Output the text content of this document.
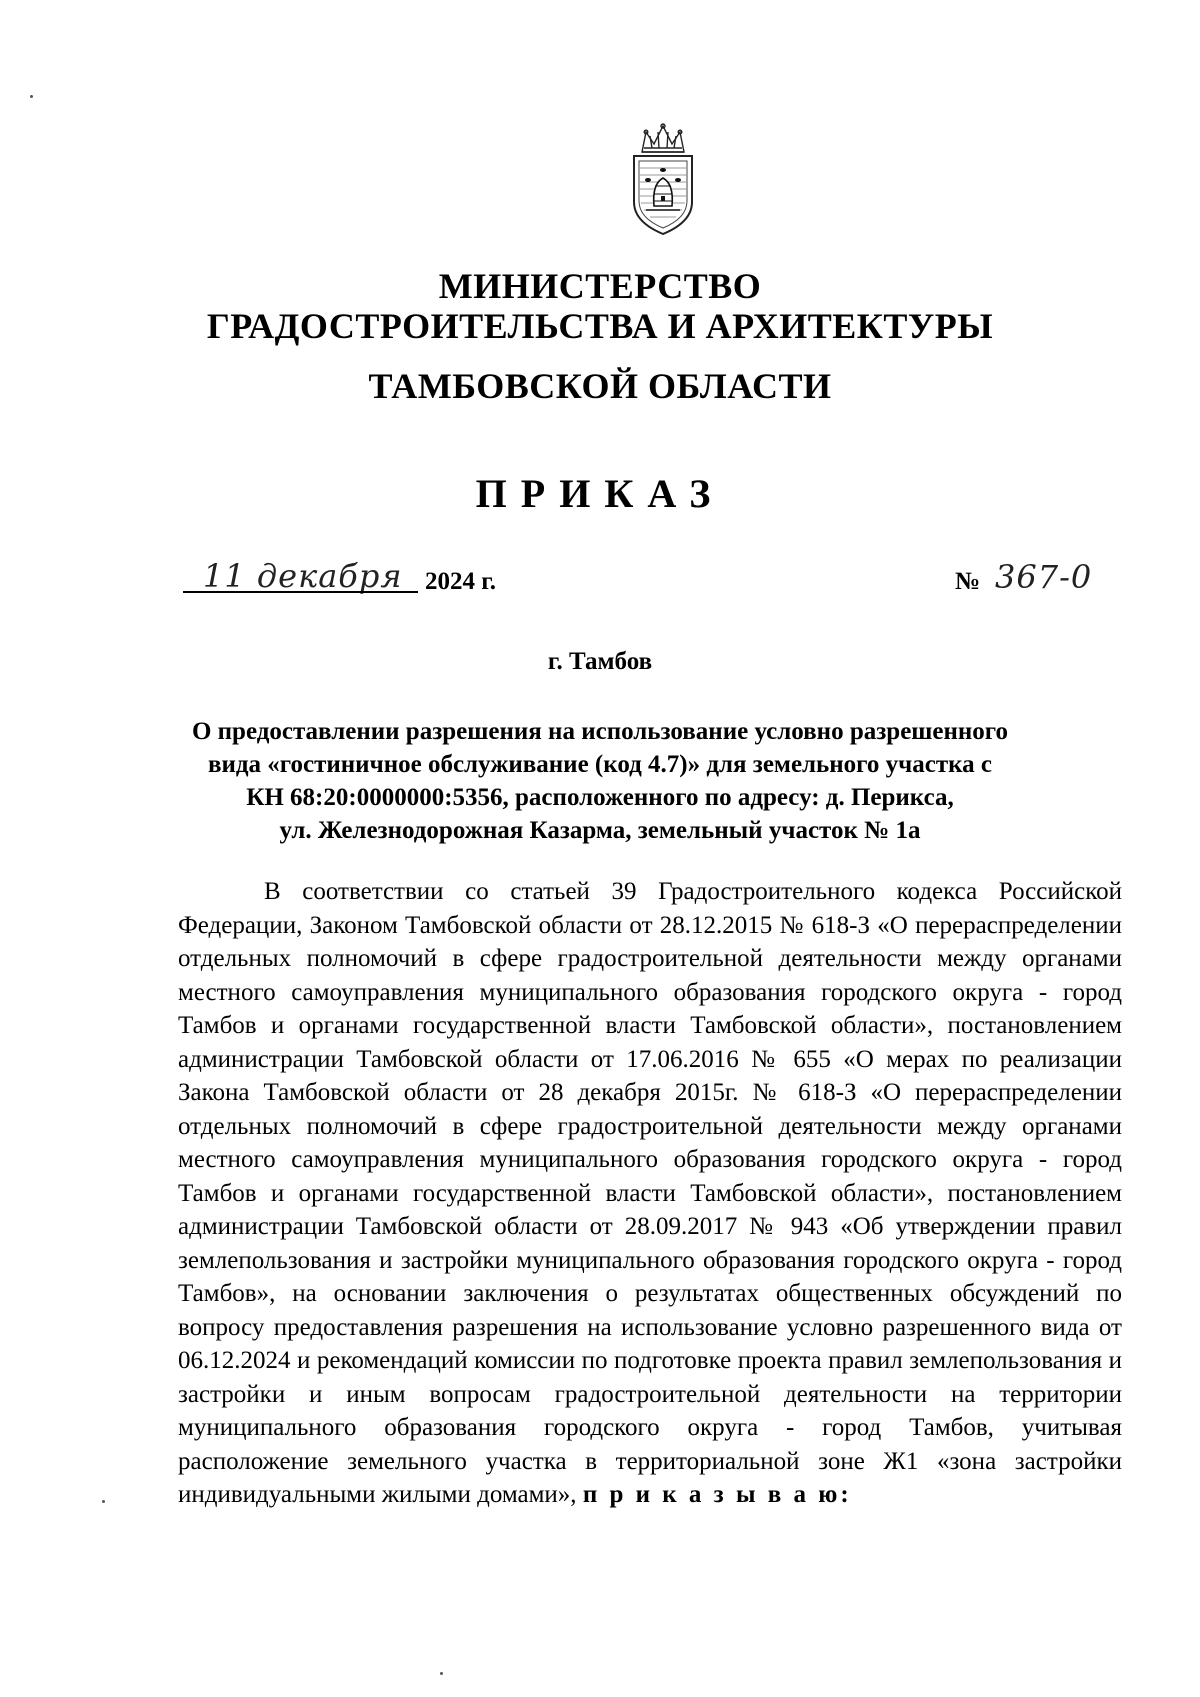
МИНИСТЕРСТВО
ГРАДОСТРОИТЕЛЬСТВА И АРХИТЕКТУРЫ
ТАМБОВСКОЙ ОБЛАСТИ
ПРИКАЗ
11 декабря 2024 г.	№ 367-0
г. Тамбов
О предоставлении разрешения на использование условно разрешенного
вида «гостиничное обслуживание (код 4.7)» для земельного участка с
КН 68:20:0000000:5356, расположенного по адресу: д. Перикса,
ул. Железнодорожная Казарма, земельный участок № 1а
В соответствии со статьей 39 Градостроительного кодекса Российской Федерации, Законом Тамбовской области от 28.12.2015 № 618-З «О перераспределении отдельных полномочий в сфере градостроительной деятельности между органами местного самоуправления муниципального образования городского округа - город Тамбов и органами государственной власти Тамбовской области», постановлением администрации Тамбовской области от 17.06.2016 № 655 «О мерах по реализации Закона Тамбовской области от 28 декабря 2015г. № 618-З «О перераспределении отдельных полномочий в сфере градостроительной деятельности между органами местного самоуправления муниципального образования городского округа - город Тамбов и органами государственной власти Тамбовской области», постановлением администрации Тамбовской области от 28.09.2017 № 943 «Об утверждении правил землепользования и застройки муниципального образования городского округа - город Тамбов», на основании заключения о результатах общественных обсуждений по вопросу предоставления разрешения на использование условно разрешенного вида от 06.12.2024 и рекомендаций комиссии по подготовке проекта правил землепользования и застройки и иным вопросам градостроительной деятельности на территории муниципального образования городского округа - город Тамбов, учитывая расположение земельного участка в территориальной зоне Ж1 «зона застройки индивидуальными жилыми домами», п р и к а з ы в а ю:
